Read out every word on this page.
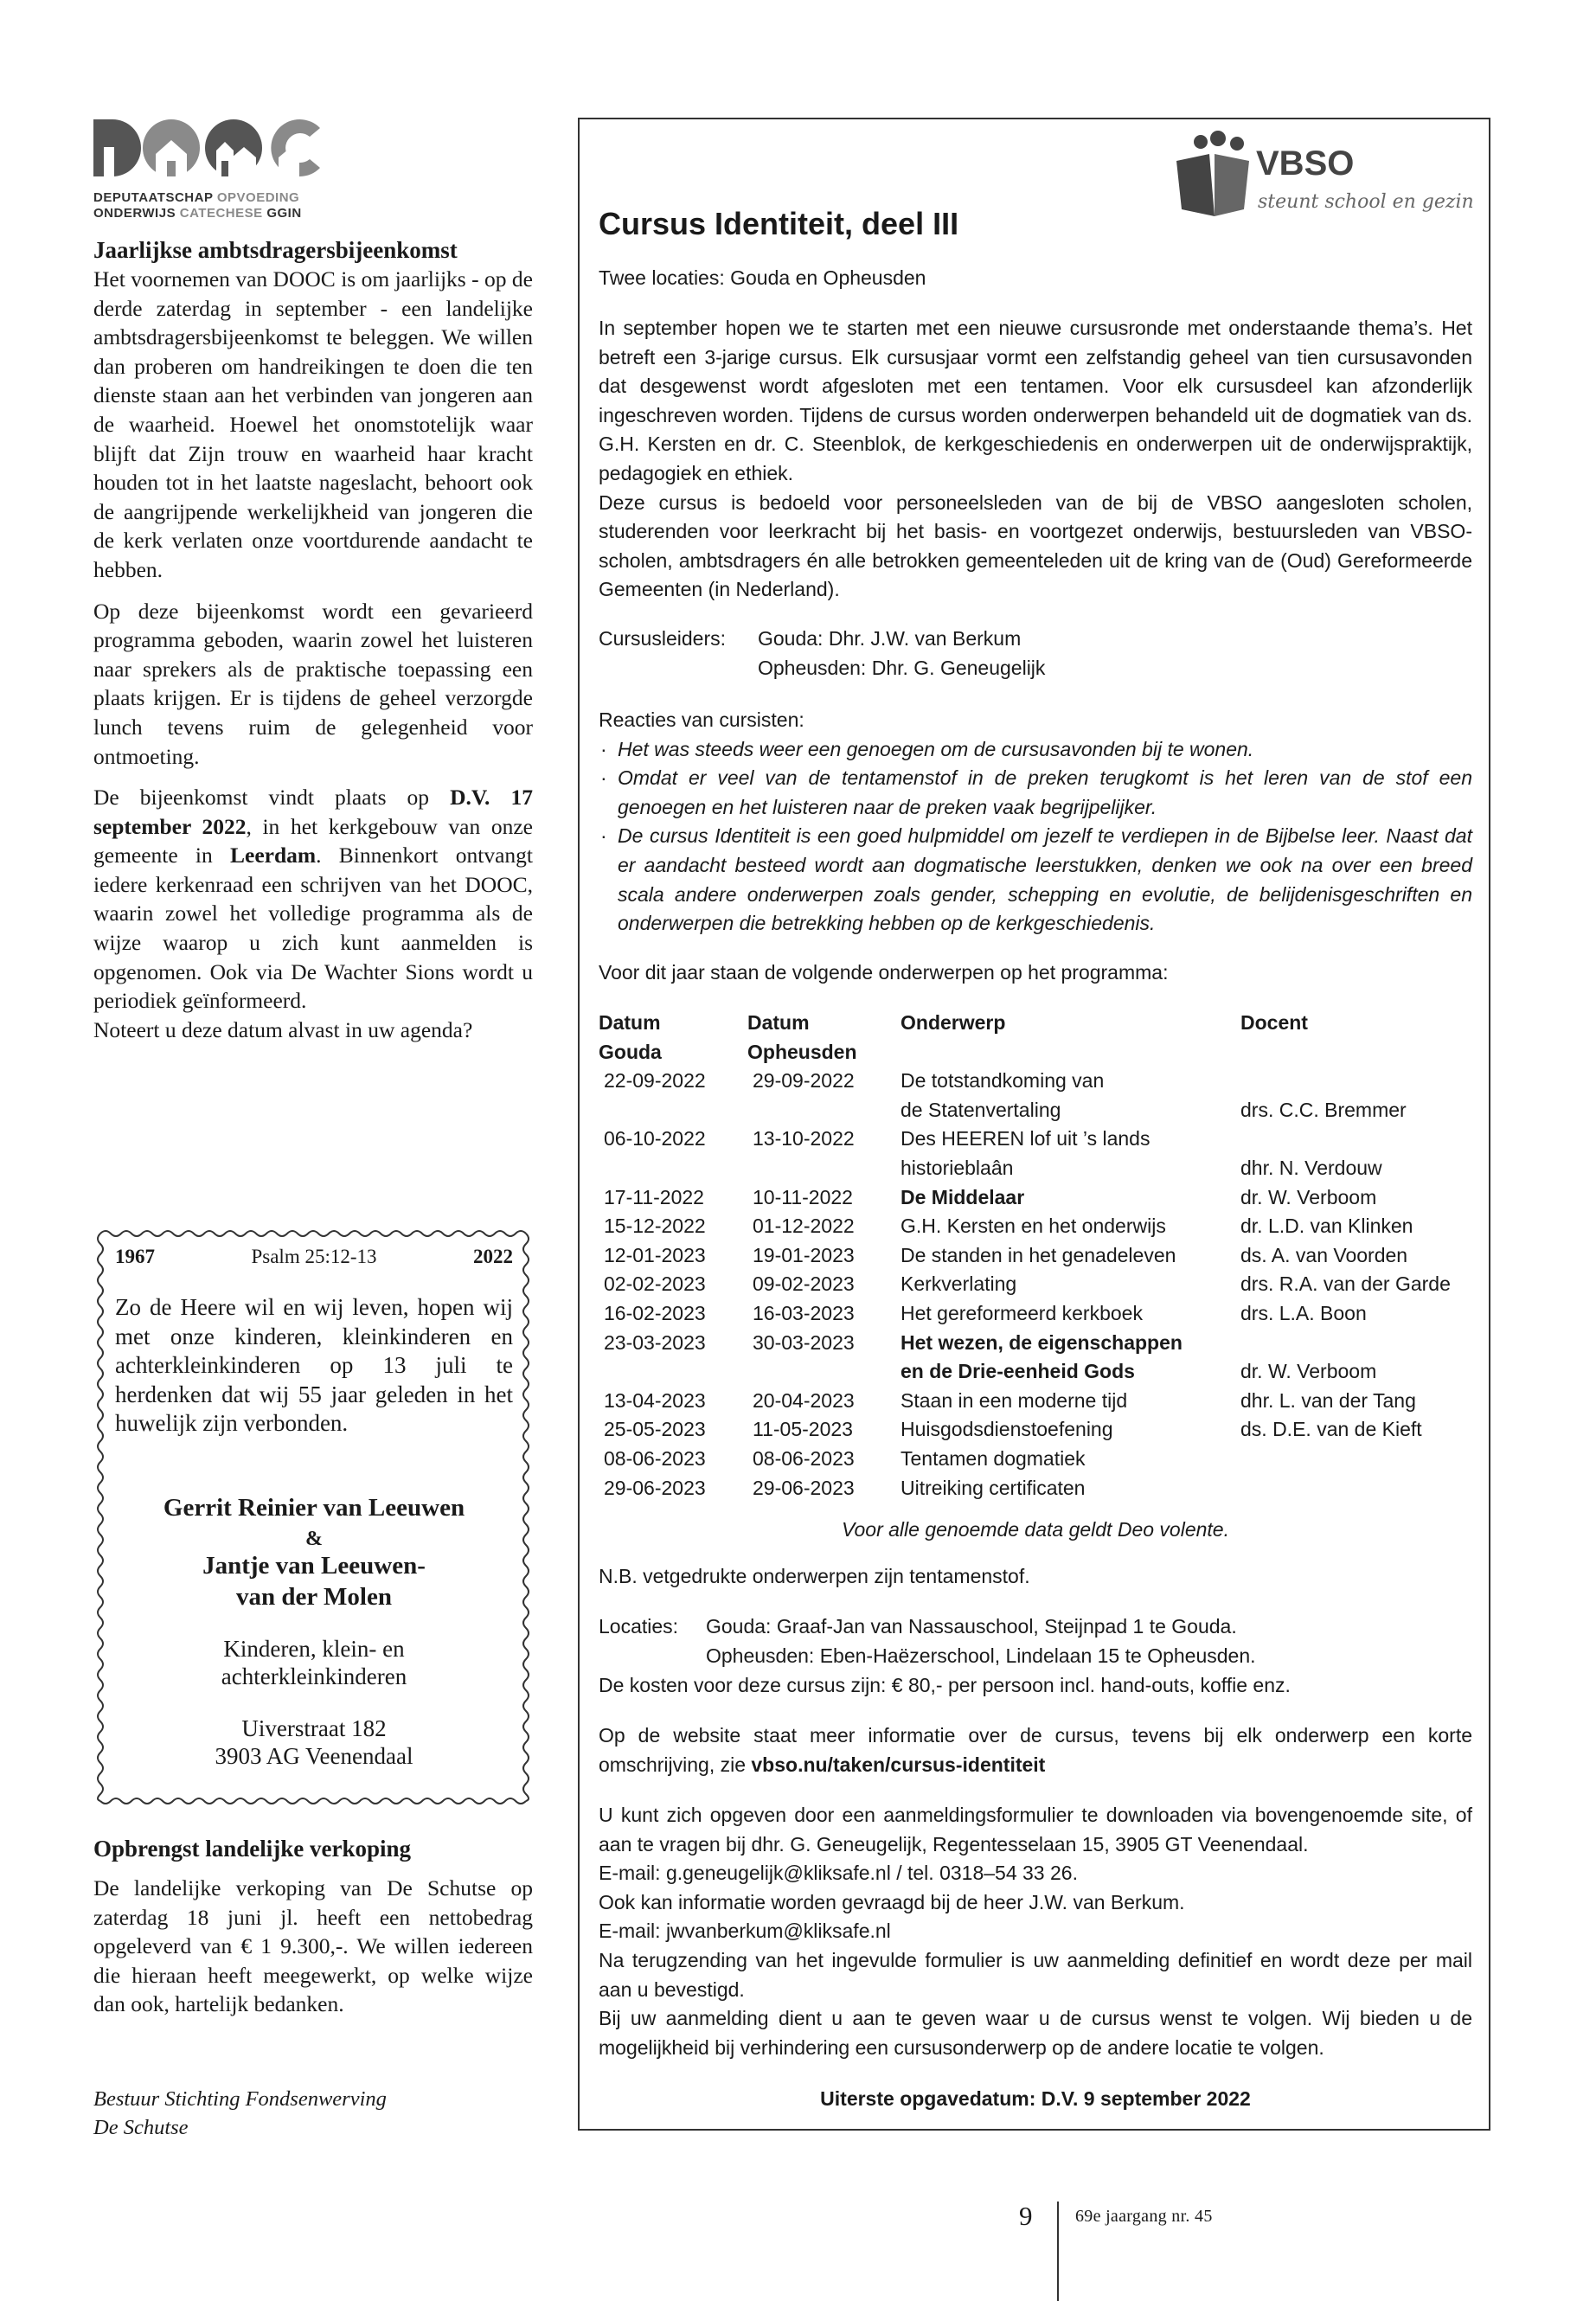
DEPUTAATSCHAP OPVOEDING
ONDERWIJS CATECHESE GGIN
Jaarlijkse ambtsdragersbijeenkomst

Het voornemen van DOOC is om jaarlijks - op de derde zaterdag in september - een landelijke ambtsdragersbijeenkomst te beleggen. We willen dan proberen om handreikingen te doen die ten dienste staan aan het verbinden van jongeren aan de waarheid. Hoewel het onomstotelijk waar blijft dat Zijn trouw en waarheid haar kracht houden tot in het laatste nageslacht, behoort ook de aangrijpende werkelijkheid van jongeren die de kerk verlaten onze voortdurende aandacht te hebben.

Op deze bijeenkomst wordt een gevarieerd programma geboden, waarin zowel het luisteren naar sprekers als de praktische toepassing een plaats krijgen. Er is tijdens de geheel verzorgde lunch tevens ruim de gelegenheid voor ontmoeting.

De bijeenkomst vindt plaats op D.V. 17 september 2022, in het kerkgebouw van onze gemeente in Leerdam. Binnenkort ontvangt iedere kerkenraad een schrijven van het DOOC, waarin zowel het volledige programma als de wijze waarop u zich kunt aanmelden is opgenomen. Ook via De Wachter Sions wordt u periodiek geïnformeerd.

Noteert u deze datum alvast in uw agenda?

Psalm 25:12-13
1967	2022
Zo de Heere wil en wij leven, hopen wij met onze kinderen, kleinkinderen en achterkleinkinderen op 13 juli te herdenken dat wij 55 jaar geleden in het huwelijk zijn verbonden.
Gerrit Reinier van Leeuwen
&
Jantje van Leeuwen-
van der Molen
Kinderen, klein- en
achterkleinkinderen
Uiverstraat 182
3903 AG Veenendaal
Opbrengst landelijke verkoping

De landelijke verkoping van De Schutse op zaterdag 18 juni jl. heeft een nettobedrag opgeleverd van € 1 9.300,-. We willen iedereen die hieraan heeft meegewerkt, op welke wijze dan ook, hartelijk bedanken.

Bestuur Stichting Fondsenwerving
De Schutse
VBSO
steunt school en gezin
Cursus Identiteit, deel III
Twee locaties: Gouda en Opheusden

In september hopen we te starten met een nieuwe cursusronde met onderstaande thema’s. Het betreft een 3-jarige cursus. Elk cursusjaar vormt een zelfstandig geheel van tien cursusavonden dat desgewenst wordt afgesloten met een tentamen. Voor elk cursusdeel kan afzonderlijk ingeschreven worden. Tijdens de cursus worden onderwerpen behandeld uit de dogmatiek van ds. G.H. Kersten en dr. C. Steenblok, de kerkgeschiedenis en onderwerpen uit de onderwijspraktijk, pedagogiek en ethiek.

Deze cursus is bedoeld voor personeelsleden van de bij de VBSO aangesloten scholen, studerenden voor leerkracht bij het basis- en voortgezet onderwijs, bestuursleden van VBSO-scholen, ambtsdragers én alle betrokken gemeenteleden uit de kring van de (Oud) Gereformeerde Gemeenten (in Nederland).

Cursusleiders: Gouda: Dhr. J.W. van Berkum
Opheusden: Dhr. G. Geneugelijk
Reacties van cursisten:
· Het was steeds weer een genoegen om de cursusavonden bij te wonen.
· Omdat er veel van de tentamenstof in de preken terugkomt is het leren van de stof een genoegen en het luisteren naar de preken vaak begrijpelijker.
· De cursus Identiteit is een goed hulpmiddel om jezelf te verdiepen in de Bijbelse leer. Naast dat er aandacht besteed wordt aan dogmatische leerstukken, denken we ook na over een breed scala andere onderwerpen zoals gender, schepping en evolutie, de belijdenisgeschriften en onderwerpen die betrekking hebben op de kerkgeschiedenis.
Voor dit jaar staan de volgende onderwerpen op het programma:
Datum	Datum	Onderwerp	Docent
Gouda	Opheusden
22-09-2022 29-09-2022 De totstandkoming van
de Statenvertaling	drs. C.C. Bremmer
06-10-2022 13-10-2022 Des HEEREN lof uit ’s lands
historieblaân	dhr. N. Verdouw
17-11-2022 10-11-2022 De Middelaar	dr. W. Verboom
15-12-2022 01-12-2022 G.H. Kersten en het onderwijs	dr. L.D. van Klinken
12-01-2023 19-01-2023 De standen in het genadeleven	ds. A. van Voorden
02-02-2023 09-02-2023 Kerkverlating	drs. R.A. van der Garde
16-02-2023 16-03-2023 Het gereformeerd kerkboek	drs. L.A. Boon
23-03-2023 30-03-2023 Het wezen, de eigenschappen
en de Drie-eenheid Gods	dr. W. Verboom
13-04-2023 20-04-2023 Staan in een moderne tijd	dhr. L. van der Tang
25-05-2023 11-05-2023 Huisgodsdienstoefening	ds. D.E. van de Kieft
08-06-2023 08-06-2023 Tentamen dogmatiek
29-06-2023 29-06-2023 Uitreiking certificaten
Voor alle genoemde data geldt Deo volente.
N.B. vetgedrukte onderwerpen zijn tentamenstof.
Locaties: Gouda: Graaf-Jan van Nassauschool, Steijnpad 1 te Gouda.
Opheusden: Eben-Haëzerschool, Lindelaan 15 te Opheusden.
De kosten voor deze cursus zijn: € 80,- per persoon incl. hand-outs, koffie enz.

Op de website staat meer informatie over de cursus, tevens bij elk onderwerp een korte omschrijving, zie vbso.nu/taken/cursus-identiteit

U kunt zich opgeven door een aanmeldingsformulier te downloaden via bovengenoemde site, of aan te vragen bij dhr. G. Geneugelijk, Regentesselaan 15, 3905 GT Veenendaal.

E-mail: g.geneugelijk@kliksafe.nl / tel. 0318–54 33 26.

Ook kan informatie worden gevraagd bij de heer J.W. van Berkum.

E-mail: jwvanberkum@kliksafe.nl

Na terugzending van het ingevulde formulier is uw aanmelding definitief en wordt deze per mail aan u bevestigd.

Bij uw aanmelding dient u aan te geven waar u de cursus wenst te volgen. Wij bieden u de mogelijkheid bij verhindering een cursusonderwerp op de andere locatie te volgen.

Uiterste opgavedatum: D.V. 9 september 2022
9 69e jaargang nr. 45
